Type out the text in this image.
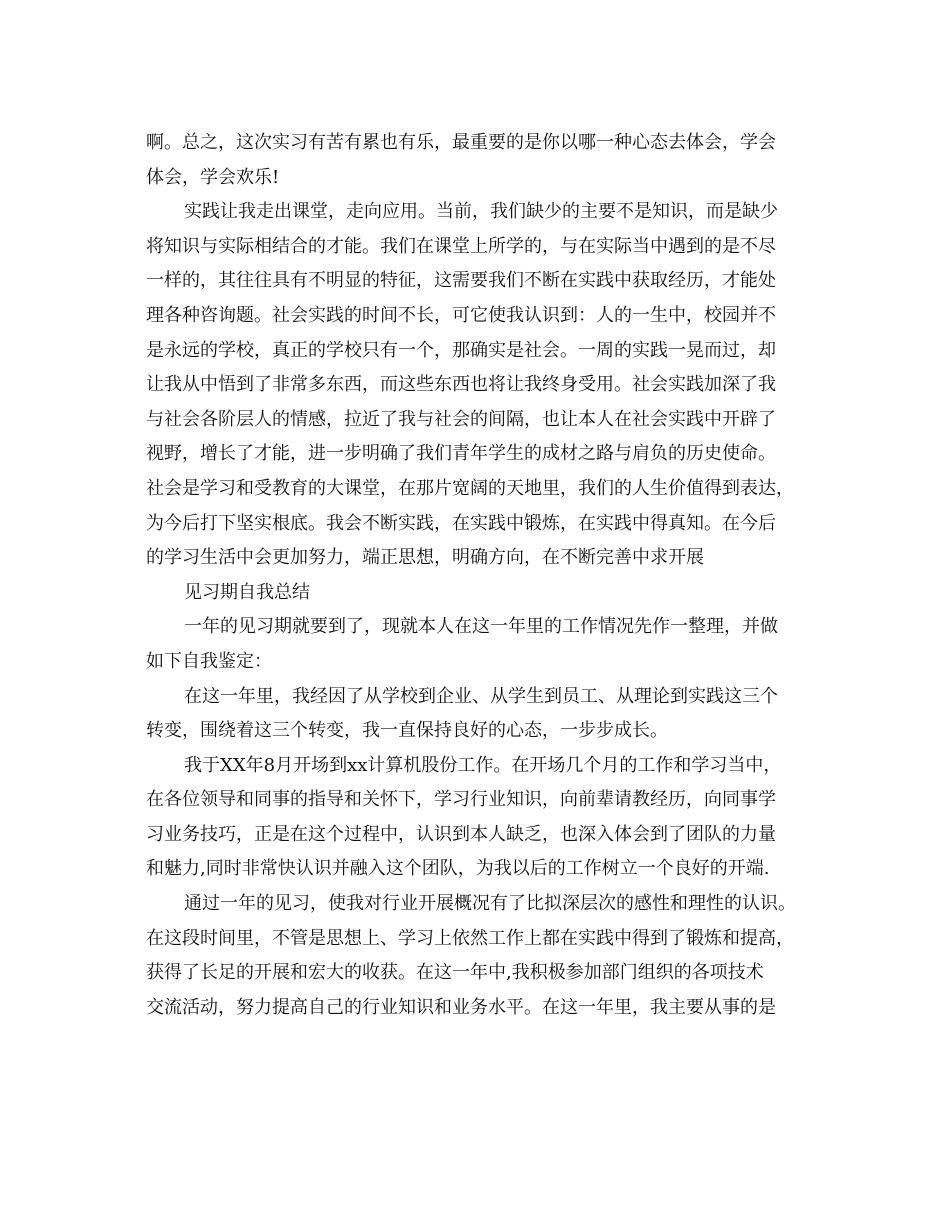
啊。总之，这次实习有苦有累也有乐，最重要的是你以哪一种心态去体会，学会
体会，学会欢乐!
实践让我走出课堂，走向应用。当前，我们缺少的主要不是知识，而是缺少
将知识与实际相结合的才能。我们在课堂上所学的，与在实际当中遇到的是不尽
一样的，其往往具有不明显的特征，这需要我们不断在实践中获取经历，才能处
理各种咨询题。社会实践的时间不长，可它使我认识到：人的一生中，校园并不
是永远的学校，真正的学校只有一个，那确实是社会。一周的实践一晃而过，却
让我从中悟到了非常多东西，而这些东西也将让我终身受用。社会实践加深了我
与社会各阶层人的情感，拉近了我与社会的间隔，也让本人在社会实践中开辟了
视野，增长了才能，进一步明确了我们青年学生的成材之路与肩负的历史使命。
社会是学习和受教育的大课堂，在那片宽阔的天地里，我们的人生价值得到表达，
为今后打下坚实根底。我会不断实践，在实践中锻炼，在实践中得真知。在今后
的学习生活中会更加努力，端正思想，明确方向，在不断完善中求开展
见习期自我总结
一年的见习期就要到了，现就本人在这一年里的工作情况先作一整理，并做
如下自我鉴定：
在这一年里，我经因了从学校到企业、从学生到员工、从理论到实践这三个
转变，围绕着这三个转变，我一直保持良好的心态，一步步成长。
我于XX年8月开场到xx计算机股份工作。在开场几个月的工作和学习当中，
在各位领导和同事的指导和关怀下，学习行业知识，向前辈请教经历，向同事学
习业务技巧，正是在这个过程中，认识到本人缺乏，也深入体会到了团队的力量
和魅力,同时非常快认识并融入这个团队，为我以后的工作树立一个良好的开端.
通过一年的见习，使我对行业开展概况有了比拟深层次的感性和理性的认识。
在这段时间里，不管是思想上、学习上依然工作上都在实践中得到了锻炼和提高，
获得了长足的开展和宏大的收获。在这一年中,我积极参加部门组织的各项技术
交流活动，努力提高自己的行业知识和业务水平。在这一年里，我主要从事的是
